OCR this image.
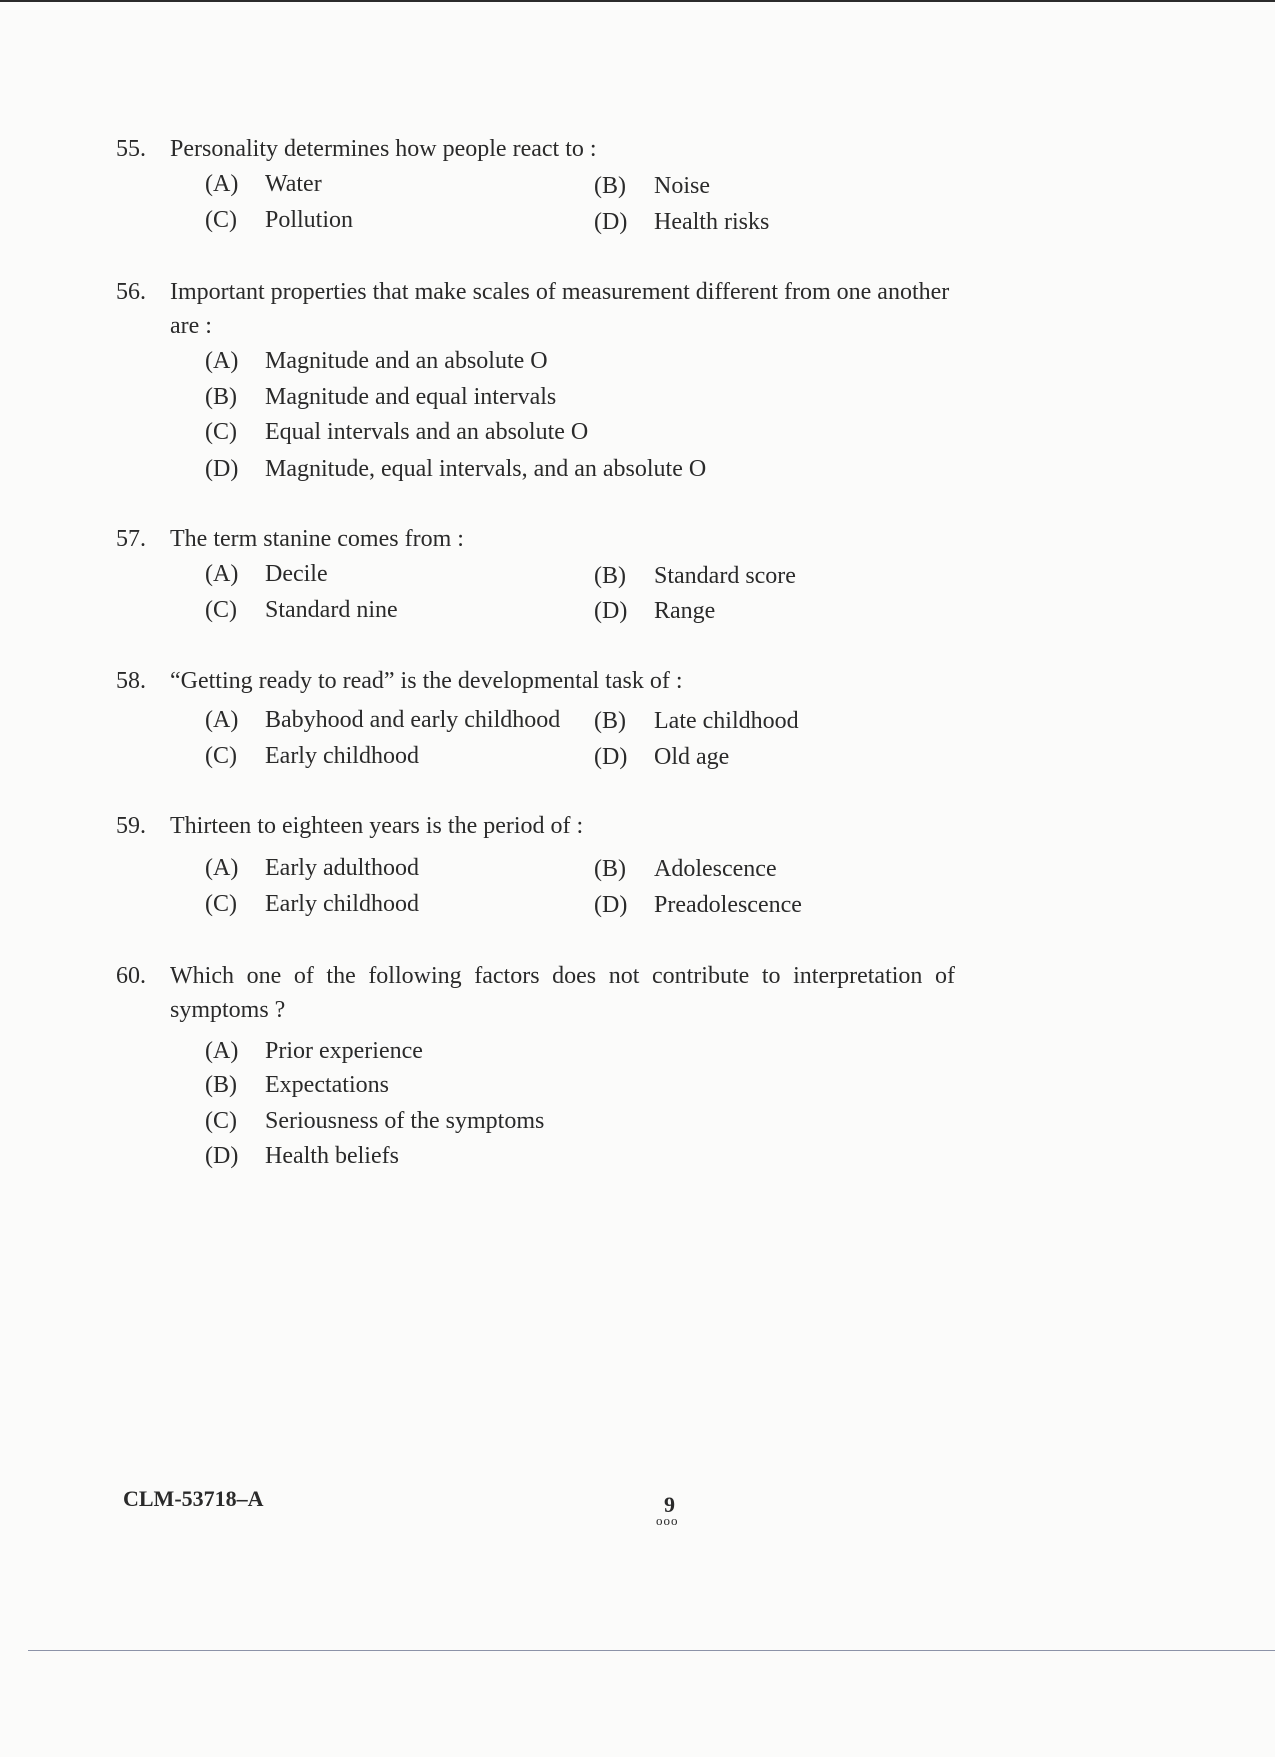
55. Personality determines how people react to :
(A) Water	(B) Noise
(C) Pollution	(D) Health risks
56. Important properties that make scales of measurement different from one another are :
(A) Magnitude and an absolute O
(B) Magnitude and equal intervals
(C) Equal intervals and an absolute O
(D) Magnitude, equal intervals, and an absolute O
57. The term stanine comes from :
(A) Decile	(B) Standard score
(C) Standard nine	(D) Range
58. “Getting ready to read” is the developmental task of :
(A) Babyhood and early childhood (B) Late childhood
(C) Early childhood	(D) Old age
59. Thirteen to eighteen years is the period of :
(A) Early adulthood	(B) Adolescence
(C) Early childhood	(D) Preadolescence
60. Which one of the following factors does not contribute to interpretation of symptoms ?
(A) Prior experience
(B) Expectations
(C) Seriousness of the symptoms
(D) Health beliefs
CLM-53718–A	9
ooo
